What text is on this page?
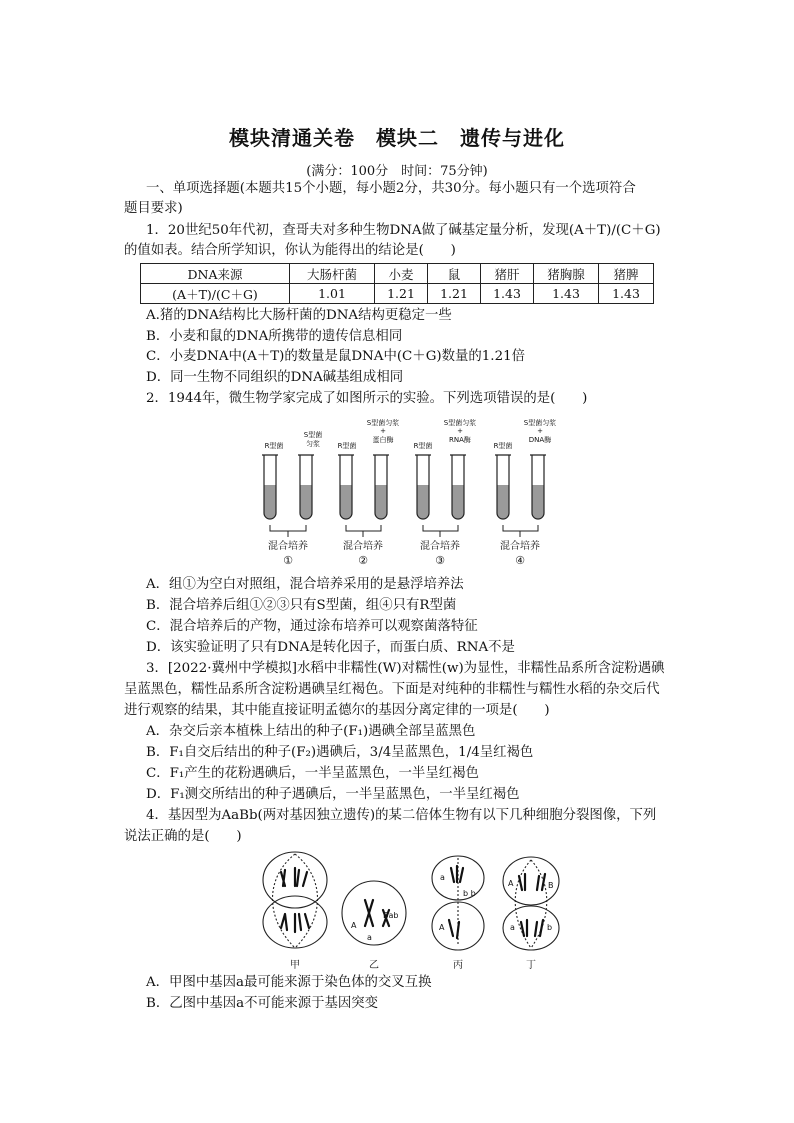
模块清通关卷　模块二　遗传与进化
(满分：100分　时间：75分钟)
一、单项选择题(本题共15个小题，每小题2分，共30分。每小题只有一个选项符合
题目要求)
1．20世纪50年代初，查哥夫对多种生物DNA做了碱基定量分析，发现(A＋T)/(C＋G)
的值如表。结合所学知识，你认为能得出的结论是(　　)
DNA来源	大肠杆菌	小麦	鼠	猪肝	猪胸腺	猪脾
(A＋T)/(C＋G)	1.01	1.21	1.21	1.43	1.43	1.43
A.猪的DNA结构比大肠杆菌的DNA结构更稳定一些
B．小麦和鼠的DNA所携带的遗传信息相同
C．小麦DNA中(A＋T)的数量是鼠DNA中(C＋G)数量的1.21倍
D．同一生物不同组织的DNA碱基组成相同
2．1944年，微生物学家完成了如图所示的实验。下列选项错误的是(　　)
R型菌
S型菌
匀浆	R型菌
S型菌匀浆
+
蛋白酶
R型菌
S型菌匀浆
+
RNA酶
R型菌
S型菌匀浆
+
DNA酶
混合培养	混合培养	混合培养	混合培养
①	②	③	④
A．组①为空白对照组，混合培养采用的是悬浮培养法
B．混合培养后组①②③只有S型菌，组④只有R型菌
C．混合培养后的产物，通过涂布培养可以观察菌落特征
D．该实验证明了只有DNA是转化因子，而蛋白质、RNA不是
3．[2022·冀州中学模拟]水稻中非糯性(W)对糯性(w)为显性，非糯性品系所含淀粉遇碘
呈蓝黑色，糯性品系所含淀粉遇碘呈红褐色。下面是对纯种的非糯性与糯性水稻的杂交后代
进行观察的结果，其中能直接证明孟德尔的基因分离定律的一项是(　　)
A．杂交后亲本植株上结出的种子(F₁)遇碘全部呈蓝黑色
B．F₁自交后结出的种子(F₂)遇碘后，3/4呈蓝黑色，1/4呈红褐色
C．F₁产生的花粉遇碘后，一半呈蓝黑色，一半呈红褐色
D．F₁测交所结出的种子遇碘后，一半呈蓝黑色，一半呈红褐色
4．基因型为AaBb(两对基因独立遗传)的某二倍体生物有以下几种细胞分裂图像，下列
说法正确的是(　　)
A
a
Bab
a
b b
A
A	B
a	b
甲	乙	丙	丁
A．甲图中基因a最可能来源于染色体的交叉互换
B．乙图中基因a不可能来源于基因突变
